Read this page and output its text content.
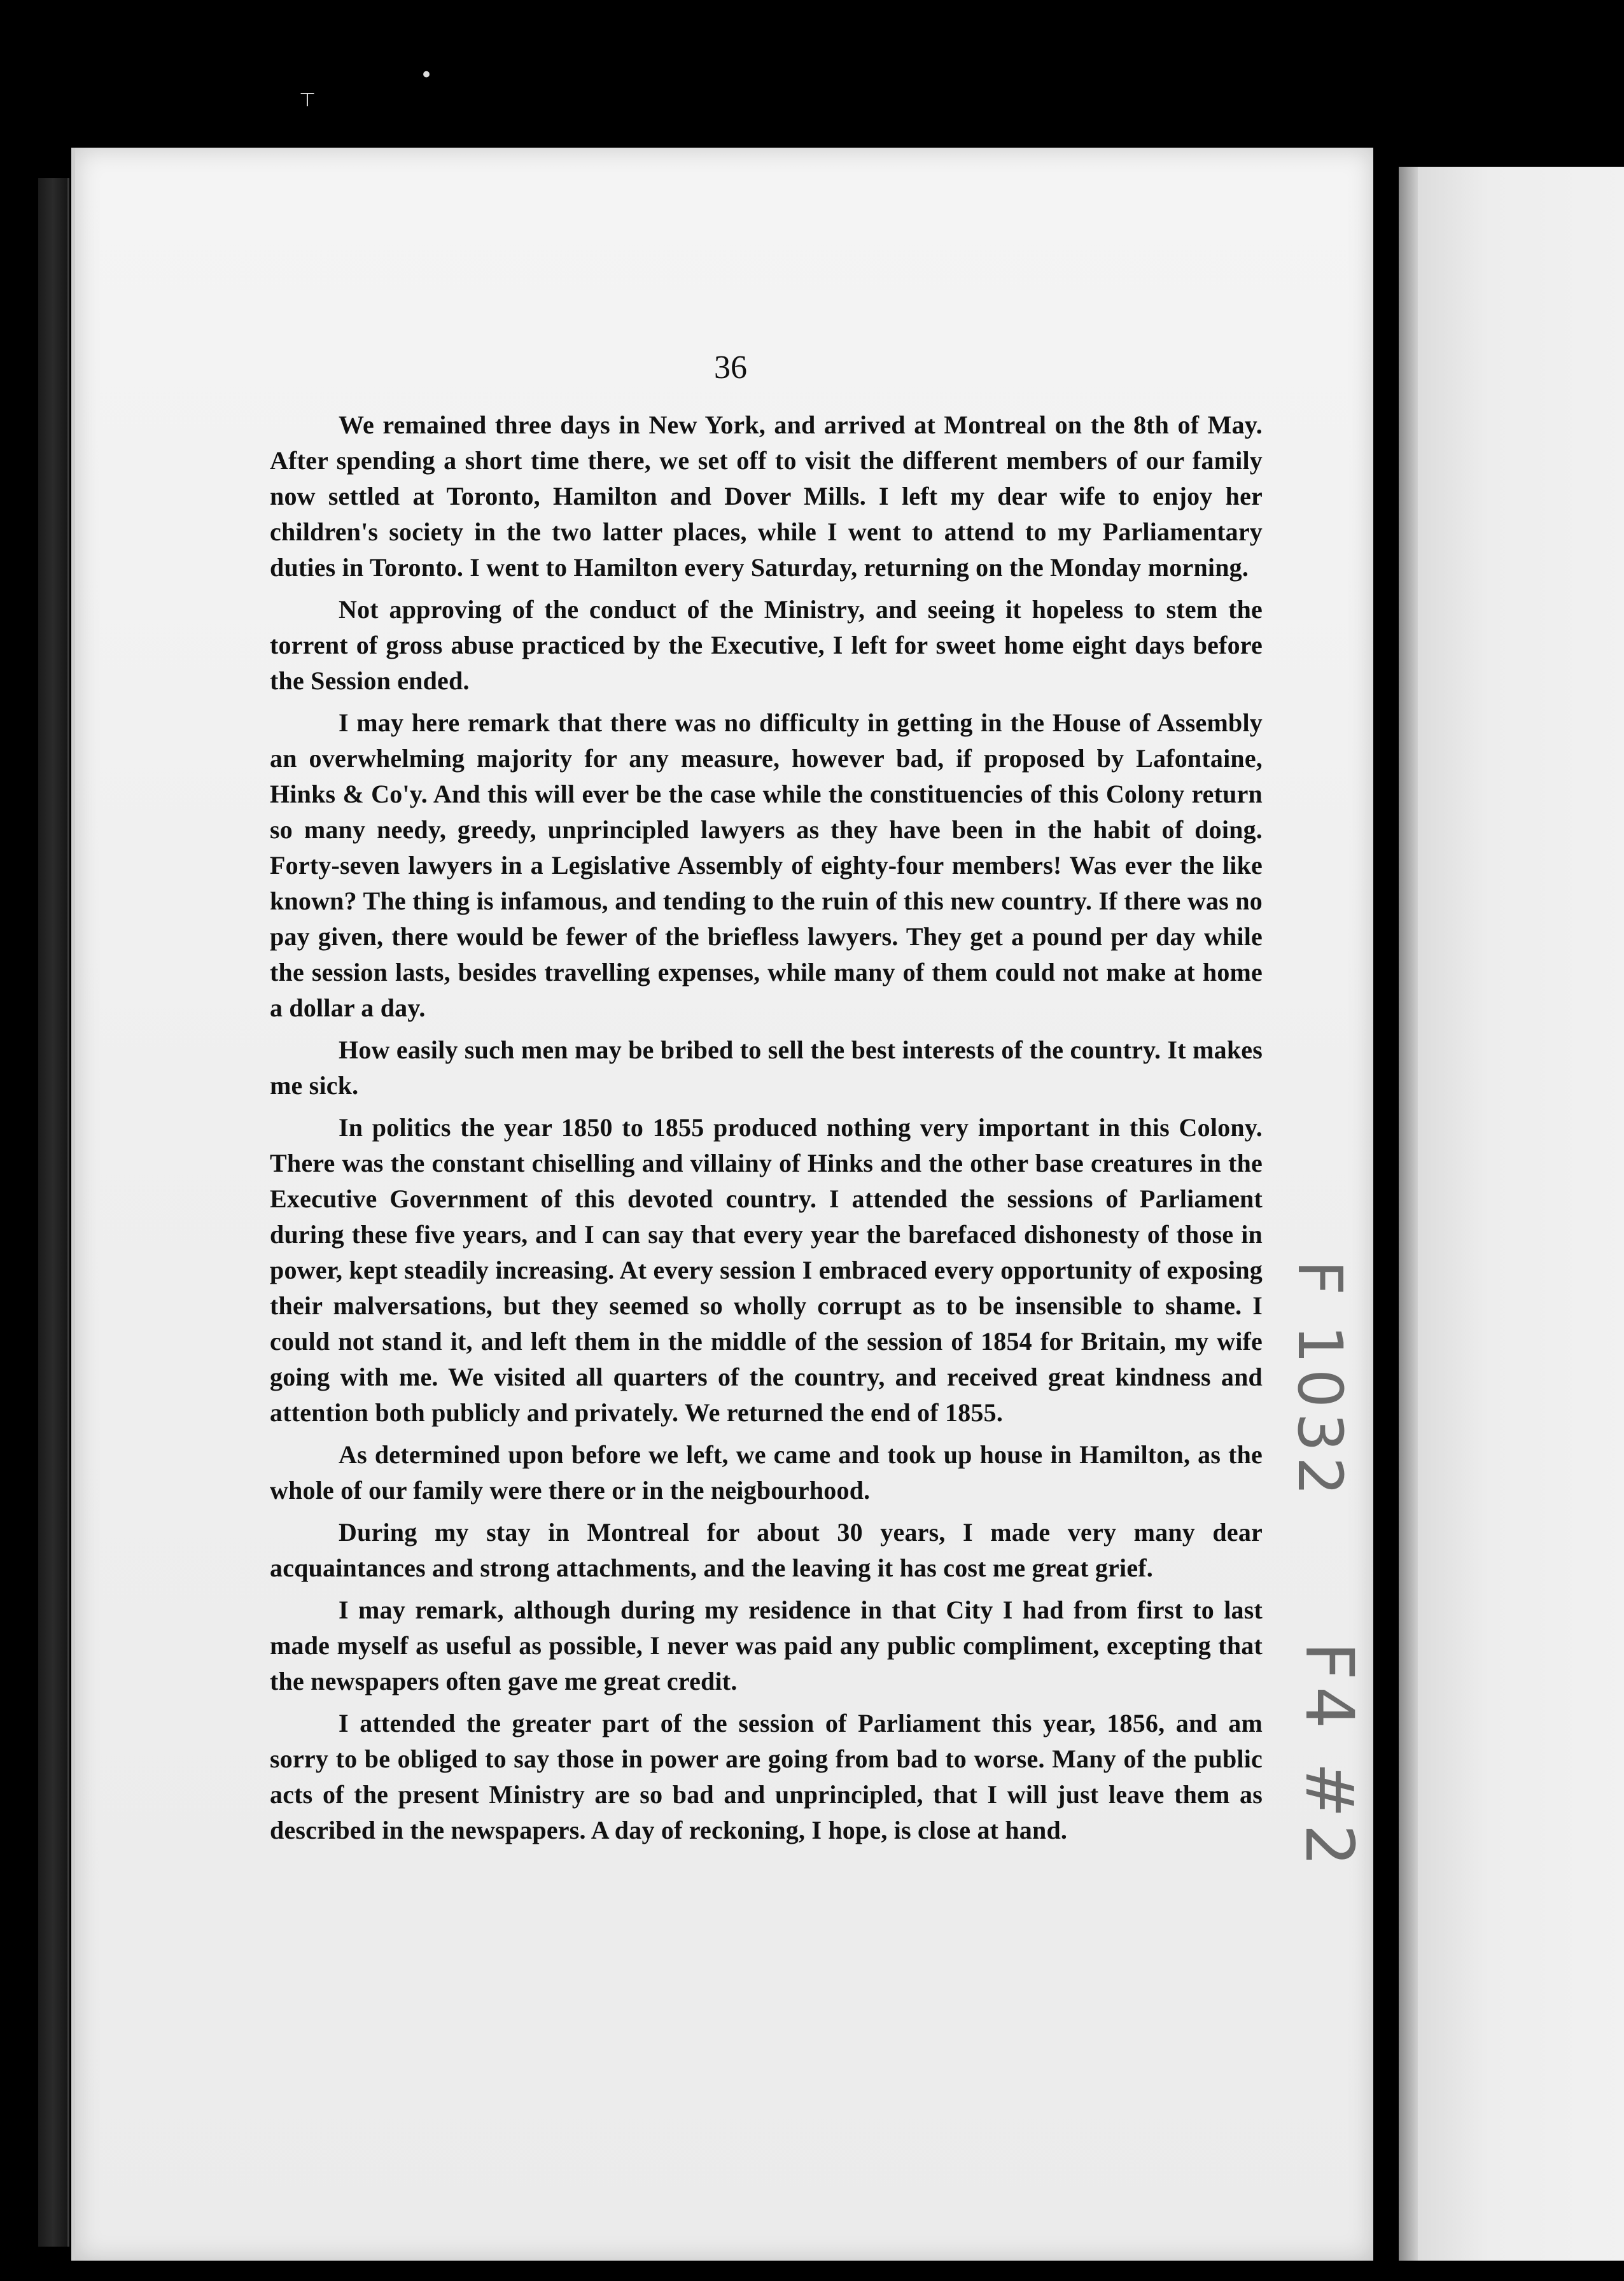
•
⊤
36

We remained three days in New York, and arrived at Montreal on the 8th of May. After spending a short time there, we set off to visit the different members of our family now settled at Toronto, Hamilton and Dover Mills. I left my dear wife to enjoy her children's society in the two latter places, while I went to attend to my Parliamentary duties in Toronto. I went to Hamilton every Saturday, returning on the Monday morning.

Not approving of the conduct of the Ministry, and seeing it hopeless to stem the torrent of gross abuse practiced by the Executive, I left for sweet home eight days before the Session ended.

I may here remark that there was no difficulty in getting in the House of Assembly an overwhelming majority for any measure, however bad, if proposed by Lafontaine, Hinks & Co'y. And this will ever be the case while the constituencies of this Colony return so many needy, greedy, unprincipled lawyers as they have been in the habit of doing. Forty-seven lawyers in a Legislative Assembly of eighty-four members! Was ever the like known? The thing is infamous, and tending to the ruin of this new country. If there was no pay given, there would be fewer of the briefless lawyers. They get a pound per day while the session lasts, besides travelling expenses, while many of them could not make at home a dollar a day.

How easily such men may be bribed to sell the best interests of the country. It makes me sick.

In politics the year 1850 to 1855 produced nothing very important in this Colony. There was the constant chiselling and villainy of Hinks and the other base creatures in the Executive Government of this devoted country. I attended the sessions of Parliament during these five years, and I can say that every year the barefaced dishonesty of those in power, kept steadily increasing. At every session I embraced every opportunity of exposing their malversations, but they seemed so wholly corrupt as to be insensible to shame. I could not stand it, and left them in the middle of the session of 1854 for Britain, my wife going with me. We visited all quarters of the country, and received great kindness and attention both publicly and privately. We returned the end of 1855.

As determined upon before we left, we came and took up house in Hamilton, as the whole of our family were there or in the neigbourhood.

During my stay in Montreal for about 30 years, I made very many dear acquaintances and strong attachments, and the leaving it has cost me great grief.

I may remark, although during my residence in that City I had from first to last made myself as useful as possible, I never was paid any public compliment, excepting that the newspapers often gave me great credit.

I attended the greater part of the session of Parliament this year, 1856, and am sorry to be obliged to say those in power are going from bad to worse. Many of the public acts of the present Ministry are so bad and unprincipled, that I will just leave them as described in the newspapers. A day of reckoning, I hope, is close at hand.

F 1032
F4 #2
